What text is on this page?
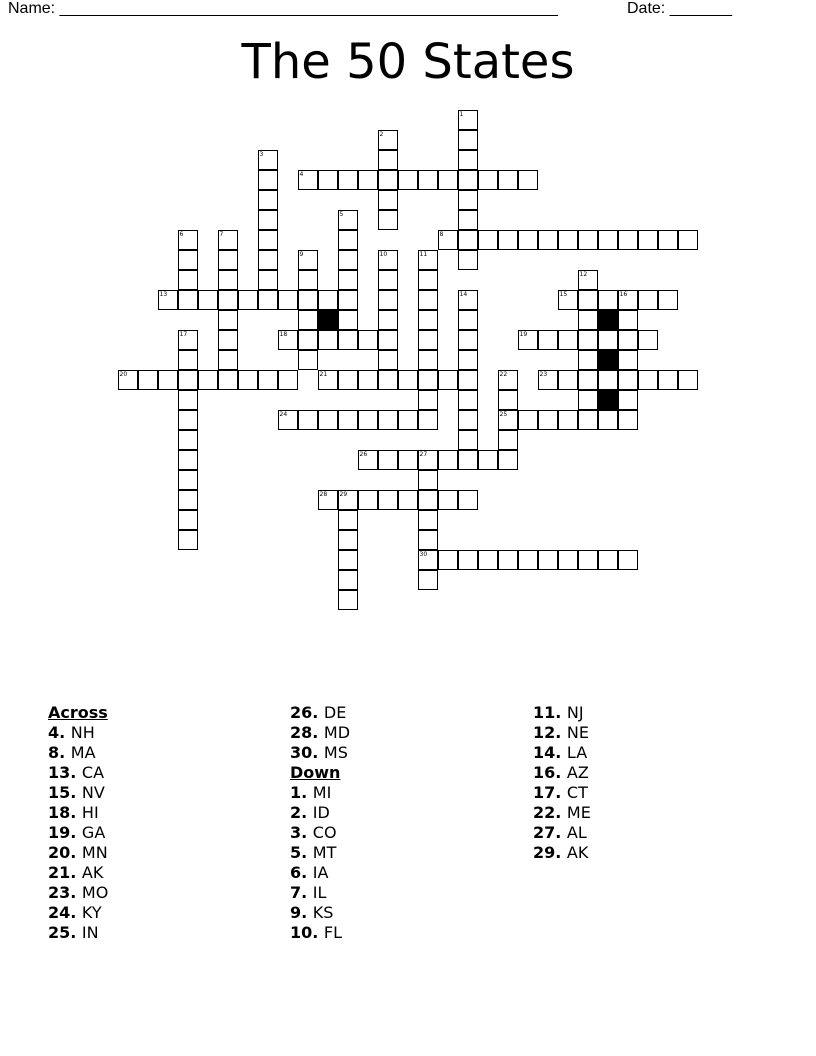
Name: ________________________________________________________	Date: _______
The 50 States
1
2
3
4
5
6	7	8
9	10	11
12
13	14	15	16
17	18	19
20	21	22
25
23
24
26	27
30
28 29
Across
4. NH
8. MA
13. CA
15. NV
18. HI
19. GA
20. MN
21. AK
23. MO
24. KY
25. IN
26. DE
28. MD
30. MS
Down
1. MI
2. ID
3. CO
5. MT
6. IA
7. IL
9. KS
10. FL
11. NJ
12. NE
14. LA
16. AZ
17. CT
22. ME
27. AL
29. AK
